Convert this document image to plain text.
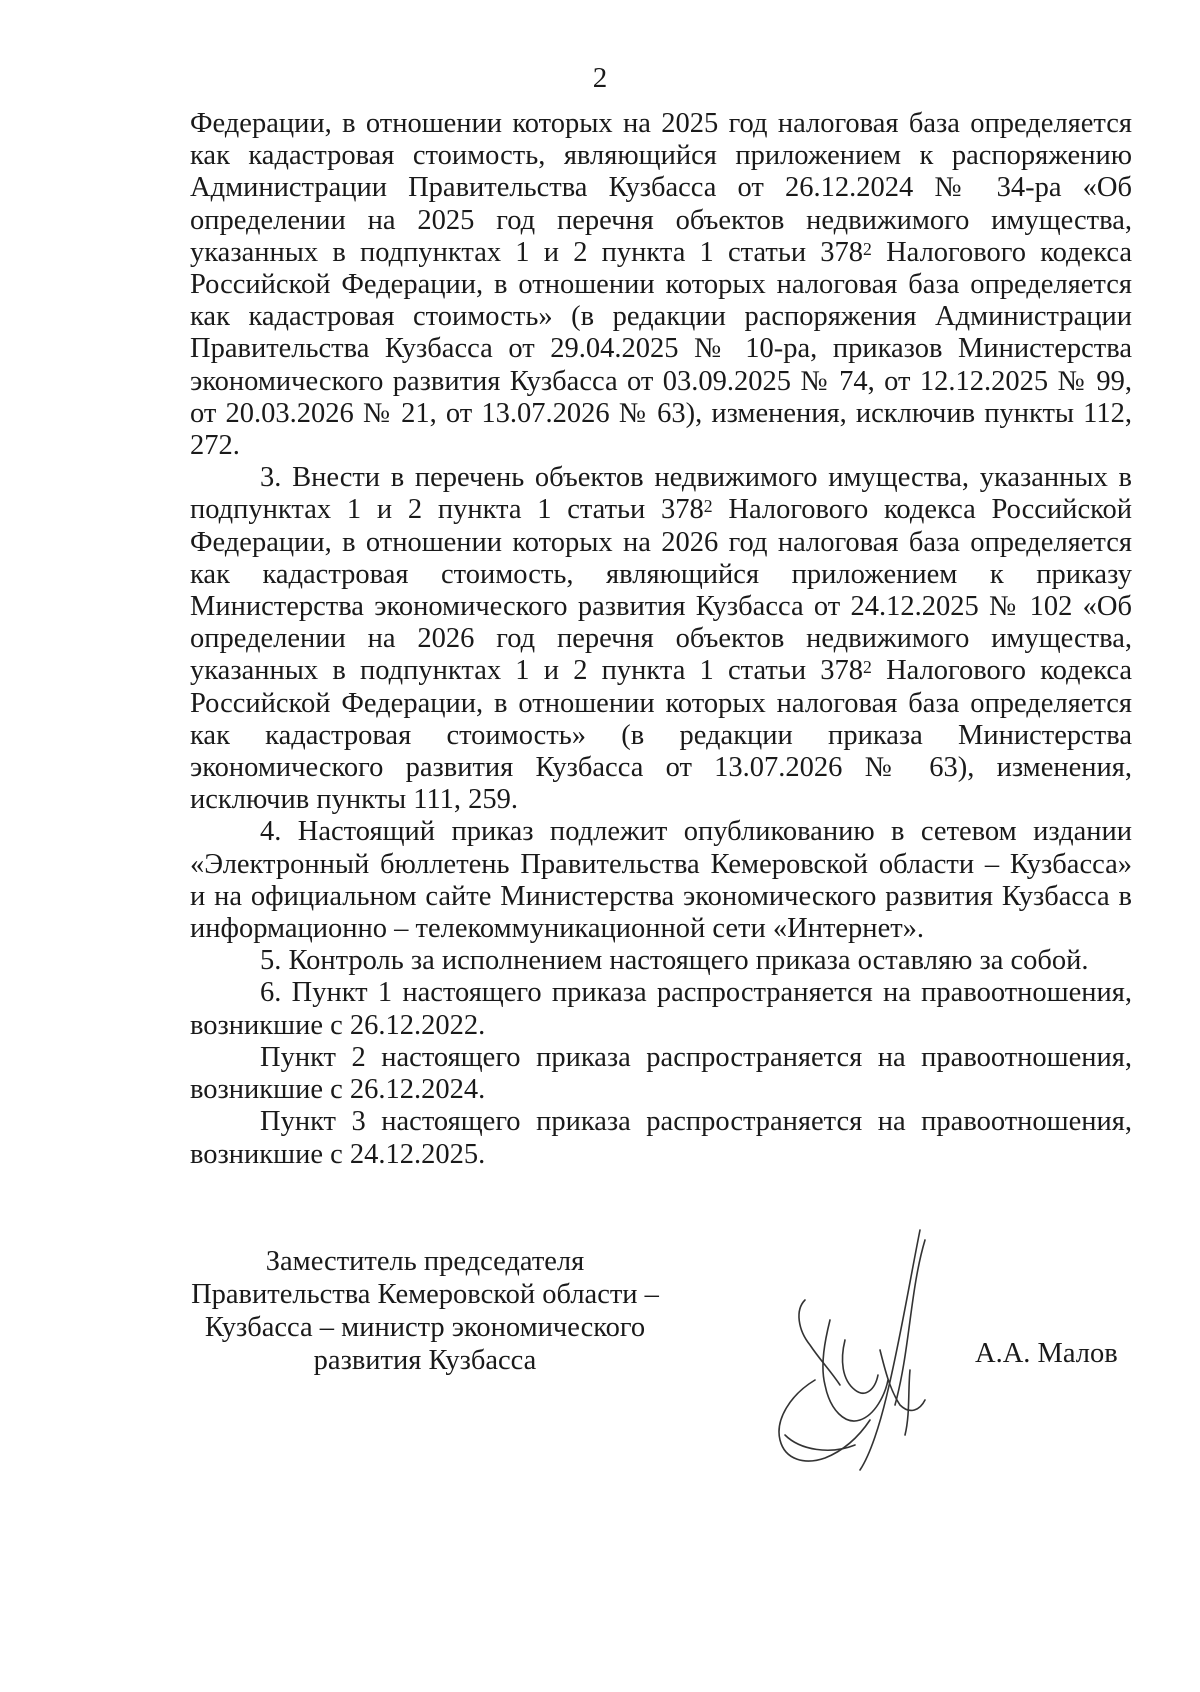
2

Федерации, в отношении которых на 2025 год налоговая база определяется как кадастровая стоимость, являющийся приложением к распоряжению Администрации Правительства Кузбасса от 26.12.2024 № 34-ра «Об определении на 2025 год перечня объектов недвижимого имущества, указанных в подпунктах 1 и 2 пункта 1 статьи $378^2$ Налогового кодекса Российской Федерации, в отношении которых налоговая база определяется как кадастровая стоимость» (в редакции распоряжения Администрации Правительства Кузбасса от 29.04.2025 № 10-ра, приказов Министерства экономического развития Кузбасса от 03.09.2025 № 74, от 12.12.2025 № 99, от 20.03.2026 № 21, от 13.07.2026 № 63), изменения, исключив пункты 112, 272.

3. Внести в перечень объектов недвижимого имущества, указанных в подпунктах 1 и 2 пункта 1 статьи $378^2$ Налогового кодекса Российской Федерации, в отношении которых на 2026 год налоговая база определяется как кадастровая стоимость, являющийся приложением к приказу Министерства экономического развития Кузбасса от 24.12.2025 № 102 «Об определении на 2026 год перечня объектов недвижимого имущества, указанных в подпунктах 1 и 2 пункта 1 статьи $378^2$ Налогового кодекса Российской Федерации, в отношении которых налоговая база определяется как кадастровая стоимость» (в редакции приказа Министерства экономического развития Кузбасса от 13.07.2026 № 63), изменения, исключив пункты 111, 259.

4. Настоящий приказ подлежит опубликованию в сетевом издании «Электронный бюллетень Правительства Кемеровской области – Кузбасса» и на официальном сайте Министерства экономического развития Кузбасса в информационно – телекоммуникационной сети «Интернет».

5. Контроль за исполнением настоящего приказа оставляю за собой.

6. Пункт 1 настоящего приказа распространяется на правоотношения, возникшие с 26.12.2022.

Пункт 2 настоящего приказа распространяется на правоотношения, возникшие с 26.12.2024.

Пункт 3 настоящего приказа распространяется на правоотношения, возникшие с 24.12.2025.

Заместитель председателя
Правительства Кемеровской области –
Кузбасса – министр экономического
развития Кузбасса	А.А. Малов
